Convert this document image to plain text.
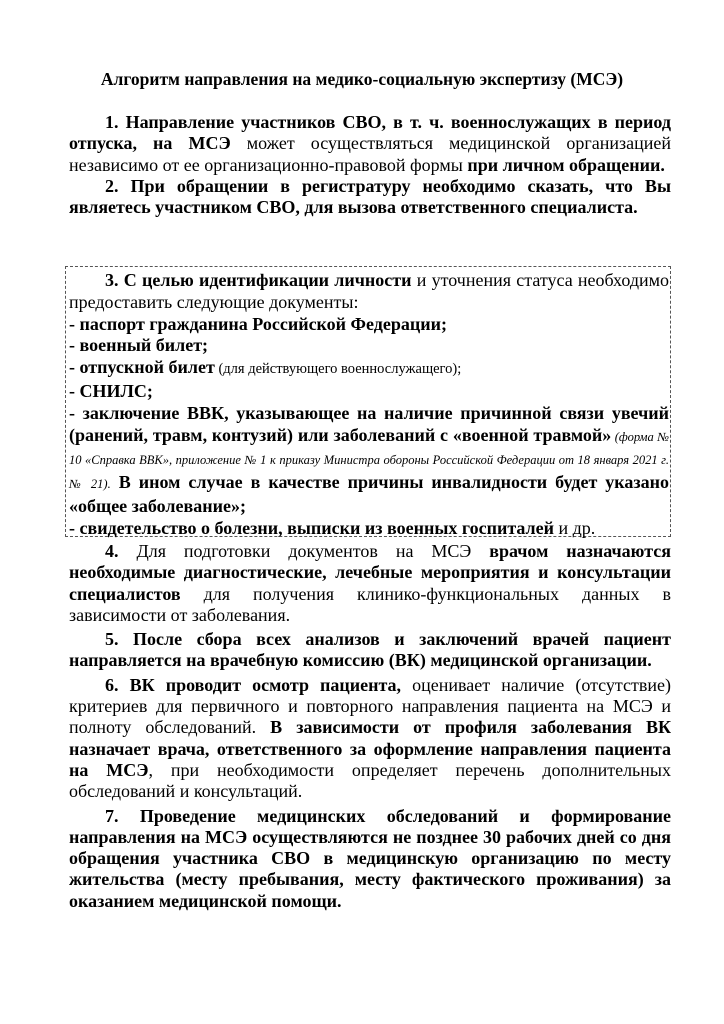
Алгоритм направления на медико-социальную экспертизу (МСЭ)

1. Направление участников СВО, в т. ч. военнослужащих в период отпуска, на МСЭ может осуществляться медицинской организацией независимо от ее организационно-правовой формы при личном обращении.

2. При обращении в регистратуру необходимо сказать, что Вы являетесь участником СВО, для вызова ответственного специалиста.

3. С целью идентификации личности и уточнения статуса необходимо предоставить следующие документы:

- паспорт гражданина Российской Федерации;

- военный билет;

- отпускной билет (для действующего военнослужащего);

- СНИЛС;

- заключение ВВК, указывающее на наличие причинной связи увечий (ранений, травм, контузий) или заболеваний с «военной травмой» (форма № 10 «Справка ВВК», приложение № 1 к приказу Министра обороны Российской Федерации от 18 января 2021 г. № 21). В ином случае в качестве причины инвалидности будет указано «общее заболевание»;

- свидетельство о болезни, выписки из военных госпиталей и др.

4. Для подготовки документов на МСЭ врачом назначаются необходимые диагностические, лечебные мероприятия и консультации специалистов для получения клинико-функциональных данных в зависимости от заболевания.

5. После сбора всех анализов и заключений врачей пациент направляется на врачебную комиссию (ВК) медицинской организации.

6. ВК проводит осмотр пациента, оценивает наличие (отсутствие) критериев для первичного и повторного направления пациента на МСЭ и полноту обследований. В зависимости от профиля заболевания ВК назначает врача, ответственного за оформление направления пациента на МСЭ, при необходимости определяет перечень дополнительных обследований и консультаций.

7. Проведение медицинских обследований и формирование направления на МСЭ осуществляются не позднее 30 рабочих дней со дня обращения участника СВО в медицинскую организацию по месту жительства (месту пребывания, месту фактического проживания) за оказанием медицинской помощи.
